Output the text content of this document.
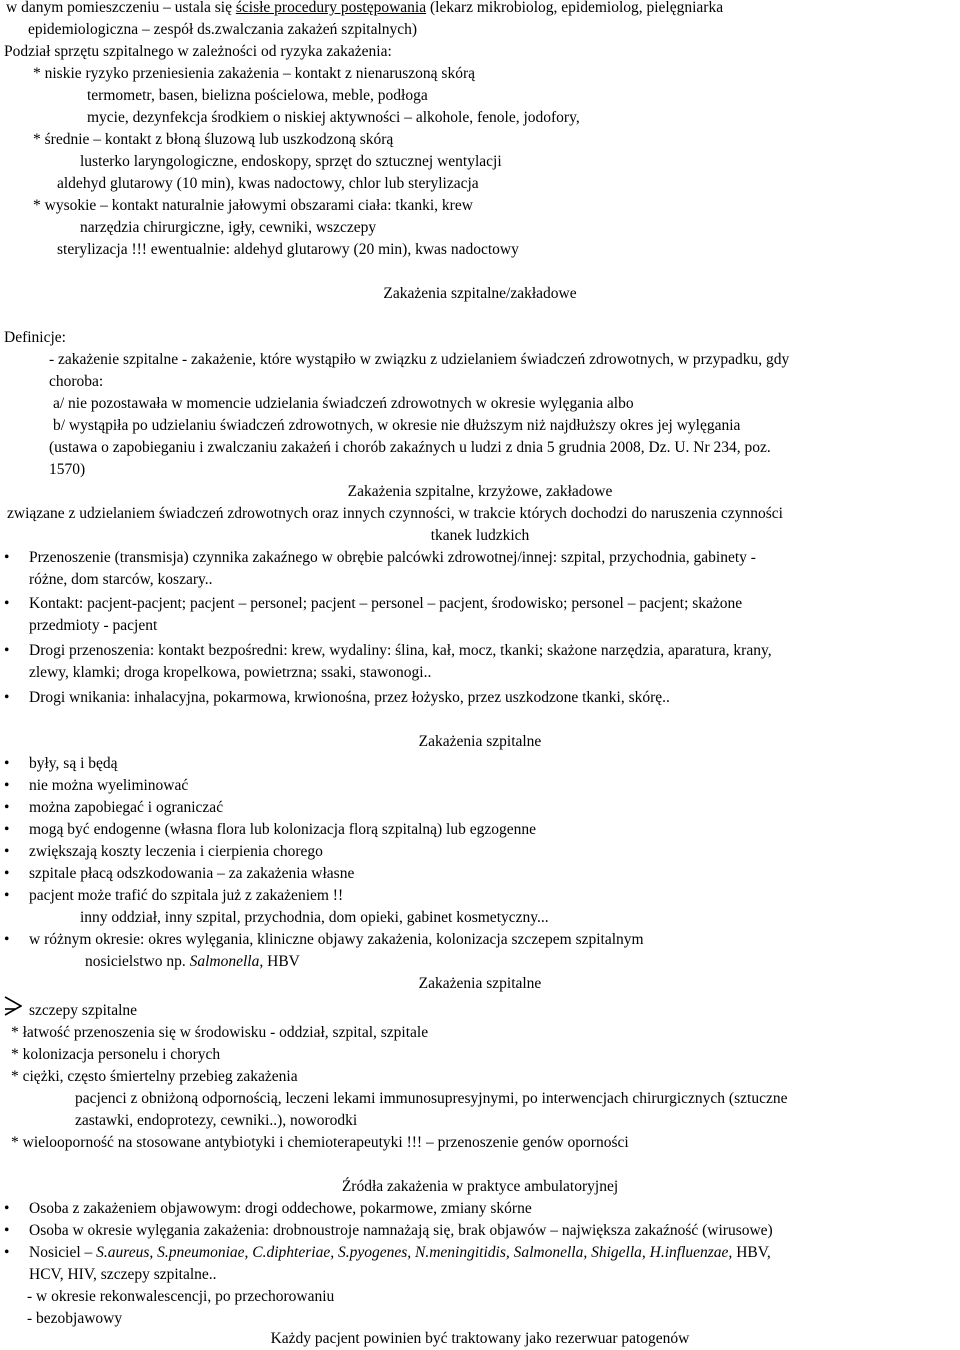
w danym pomieszczeniu – ustala się ścisłe procedury postępowania (lekarz mikrobiolog, epidemiolog, pielęgniarka
epidemiologiczna – zespół ds.zwalczania zakażeń szpitalnych)
Podział sprzętu szpitalnego w zależności od ryzyka zakażenia:
* niskie ryzyko przeniesienia zakażenia – kontakt z nienaruszoną skórą
termometr, basen, bielizna pościelowa, meble, podłoga
mycie, dezynfekcja środkiem o niskiej aktywności – alkohole, fenole, jodofory,
* średnie – kontakt z błoną śluzową lub uszkodzoną skórą
lusterko laryngologiczne, endoskopy, sprzęt do sztucznej wentylacji
aldehyd glutarowy (10 min), kwas nadoctowy, chlor lub sterylizacja
* wysokie – kontakt naturalnie jałowymi obszarami ciała: tkanki, krew
narzędzia chirurgiczne, igły, cewniki, wszczepy
sterylizacja !!! ewentualnie: aldehyd glutarowy (20 min), kwas nadoctowy
Zakażenia szpitalne/zakładowe
Definicje:
- zakażenie szpitalne - zakażenie, które wystąpiło w związku z udzielaniem świadczeń zdrowotnych, w przypadku, gdy
choroba:
a/ nie pozostawała w momencie udzielania świadczeń zdrowotnych w okresie wylęgania albo
b/ wystąpiła po udzielaniu świadczeń zdrowotnych, w okresie nie dłuższym niż najdłuższy okres jej wylęgania
(ustawa o zapobieganiu i zwalczaniu zakażeń i chorób zakaźnych u ludzi z dnia 5 grudnia 2008, Dz. U. Nr 234, poz.
1570)
Zakażenia szpitalne, krzyżowe, zakładowe
związane z udzielaniem świadczeń zdrowotnych oraz innych czynności, w trakcie których dochodzi do naruszenia czynności
tkanek ludzkich
• Przenoszenie (transmisja) czynnika zakaźnego w obrębie palcówki zdrowotnej/innej: szpital, przychodnia, gabinety -
różne, dom starców, koszary..
• Kontakt: pacjent-pacjent; pacjent – personel; pacjent – personel – pacjent, środowisko; personel – pacjent; skażone
przedmioty - pacjent
• Drogi przenoszenia: kontakt bezpośredni: krew, wydaliny: ślina, kał, mocz, tkanki; skażone narzędzia, aparatura, krany,
zlewy, klamki; droga kropelkowa, powietrzna; ssaki, stawonogi..
• Drogi wnikania: inhalacyjna, pokarmowa, krwionośna, przez łożysko, przez uszkodzone tkanki, skórę..
Zakażenia szpitalne
• były, są i będą
• nie można wyeliminować
• można zapobiegać i ograniczać
• mogą być endogenne (własna flora lub kolonizacja florą szpitalną) lub egzogenne
• zwiększają koszty leczenia i cierpienia chorego
• szpitale płacą odszkodowania – za zakażenia własne
• pacjent może trafić do szpitala już z zakażeniem !!
inny oddział, inny szpital, przychodnia, dom opieki, gabinet kosmetyczny...
• w różnym okresie: okres wylęgania, kliniczne objawy zakażenia, kolonizacja szczepem szpitalnym
nosicielstwo np. Salmonella, HBV
Zakażenia szpitalne
szczepy szpitalne
* łatwość przenoszenia się w środowisku - oddział, szpital, szpitale
* kolonizacja personelu i chorych
* ciężki, często śmiertelny przebieg zakażenia
pacjenci z obniżoną odpornością, leczeni lekami immunosupresyjnymi, po interwencjach chirurgicznych (sztuczne
zastawki, endoprotezy, cewniki..), noworodki
* wielooporność na stosowane antybiotyki i chemioterapeutyki !!! – przenoszenie genów oporności
Źródła zakażenia w praktyce ambulatoryjnej
• Osoba z zakażeniem objawowym: drogi oddechowe, pokarmowe, zmiany skórne
• Osoba w okresie wylęgania zakażenia: drobnoustroje namnażają się, brak objawów – największa zakaźność (wirusowe)
• Nosiciel – S.aureus, S.pneumoniae, C.diphteriae, S.pyogenes, N.meningitidis, Salmonella, Shigella, H.influenzae, HBV,
HCV, HIV, szczepy szpitalne..
- w okresie rekonwalescencji, po przechorowaniu
- bezobjawowy
Każdy pacjent powinien być traktowany jako rezerwuar patogenów
